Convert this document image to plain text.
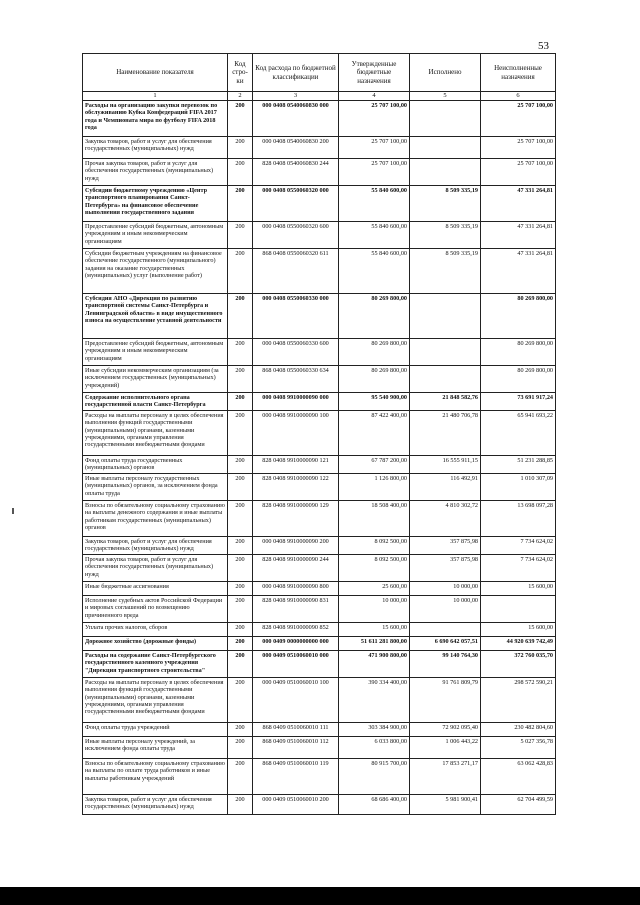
53
Наименование показателя	Код стро-ки	Код расхода по бюджетной классификации	Утвержденные бюджетные назначения	Исполнено	Неисполненные назначения
1	2	3	4	5	6
Расходы на организацию закупки перевозок по обслуживанию Кубка Конфедераций FIFA 2017 года и Чемпионата мира по футболу FIFA 2018 года	200	000 0408 0540060830 000	25 707 100,00		25 707 100,00
Закупка товаров, работ и услуг для обеспечения государственных (муниципальных) нужд	200	000 0408 0540060830 200	25 707 100,00		25 707 100,00
Прочая закупка товаров, работ и услуг для обеспечения государственных (муниципальных) нужд	200	828 0408 0540060830 244	25 707 100,00		25 707 100,00
Субсидии бюджетному учреждению «Центр транспортного планирования Санкт-Петербурга» на финансовое обеспечение выполнения государственного задания	200	000 0408 0550060320 000	55 840 600,00	8 509 335,19	47 331 264,81
Предоставление субсидий бюджетным, автономным учреждениям и иным некоммерческим организациям	200	000 0408 0550060320 600	55 840 600,00	8 509 335,19	47 331 264,81
Субсидии бюджетным учреждениям на финансовое обеспечение государственного (муниципального) задания на оказание государственных (муниципальных) услуг (выполнение работ)	200	868 0408 0550060320 611	55 840 600,00	8 509 335,19	47 331 264,81
Субсидия АНО «Дирекция по развитию транспортной системы Санкт-Петербурга и Ленинградской области» в виде имущественного взноса на осуществление уставной деятельности	200	000 0408 0550060330 000	80 269 800,00		80 269 800,00
Предоставление субсидий бюджетным, автономным учреждениям и иным некоммерческим организациям	200	000 0408 0550060330 600	80 269 800,00		80 269 800,00
Иные субсидии некоммерческим организациям (за исключением государственных (муниципальных) учреждений)	200	868 0408 0550060330 634	80 269 800,00		80 269 800,00
Содержание исполнительного органа государственной власти Санкт-Петербурга	200	000 0408 9910000090 000	95 540 900,00	21 848 582,76	73 691 917,24
Расходы на выплаты персоналу в целях обеспечения выполнения функций государственными (муниципальными) органами, казенными учреждениями, органами управления государственными внебюджетными фондами	200	000 0408 9910000090 100	87 422 400,00	21 480 706,78	65 941 693,22
Фонд оплаты труда государственных (муниципальных) органов	200	828 0408 9910000090 121	67 787 200,00	16 555 911,15	51 231 288,85
Иные выплаты персоналу государственных (муниципальных) органов, за исключением фонда оплаты труда	200	828 0408 9910000090 122	1 126 800,00	116 492,91	1 010 307,09
Взносы по обязательному социальному страхованию на выплаты денежного содержания и иные выплаты работникам государственных (муниципальных) органов	200	828 0408 9910000090 129	18 508 400,00	4 810 302,72	13 698 097,28
Закупка товаров, работ и услуг для обеспечения государственных (муниципальных) нужд	200	000 0408 9910000090 200	8 092 500,00	357 875,98	7 734 624,02
Прочая закупка товаров, работ и услуг для обеспечения государственных (муниципальных) нужд	200	828 0408 9910000090 244	8 092 500,00	357 875,98	7 734 624,02
Иные бюджетные ассигнования	200	000 0408 9910000090 800	25 600,00	10 000,00	15 600,00
Исполнение судебных актов Российской Федерации и мировых соглашений по возмещению причиненного вреда	200	828 0408 9910000090 831	10 000,00	10 000,00	
Уплата прочих налогов, сборов	200	828 0408 9910000090 852	15 600,00		15 600,00
Дорожное хозяйство (дорожные фонды)	200	000 0409 0000000000 000	51 611 281 800,00	6 690 642 057,51	44 920 639 742,49
Расходы на содержание Санкт-Петербургского государственного казенного учреждения "Дирекция транспортного строительства"	200	000 0409 0510060010 000	471 900 800,00	99 140 764,30	372 760 035,70
Расходы на выплаты персоналу в целях обеспечения выполнения функций государственными (муниципальными) органами, казенными учреждениями, органами управления государственными внебюджетными фондами	200	000 0409 0510060010 100	390 334 400,00	91 761 809,79	298 572 590,21
Фонд оплаты труда учреждений	200	868 0409 0510060010 111	303 384 900,00	72 902 095,40	230 482 804,60
Иные выплаты персоналу учреждений, за исключением фонда оплаты труда	200	868 0409 0510060010 112	6 033 800,00	1 006 443,22	5 027 356,78
Взносы по обязательному социальному страхованию на выплаты по оплате труда работников и иные выплаты работникам учреждений	200	868 0409 0510060010 119	80 915 700,00	17 853 271,17	63 062 428,83
Закупка товаров, работ и услуг для обеспечения государственных (муниципальных) нужд	200	000 0409 0510060010 200	68 686 400,00	5 981 900,41	62 704 499,59
